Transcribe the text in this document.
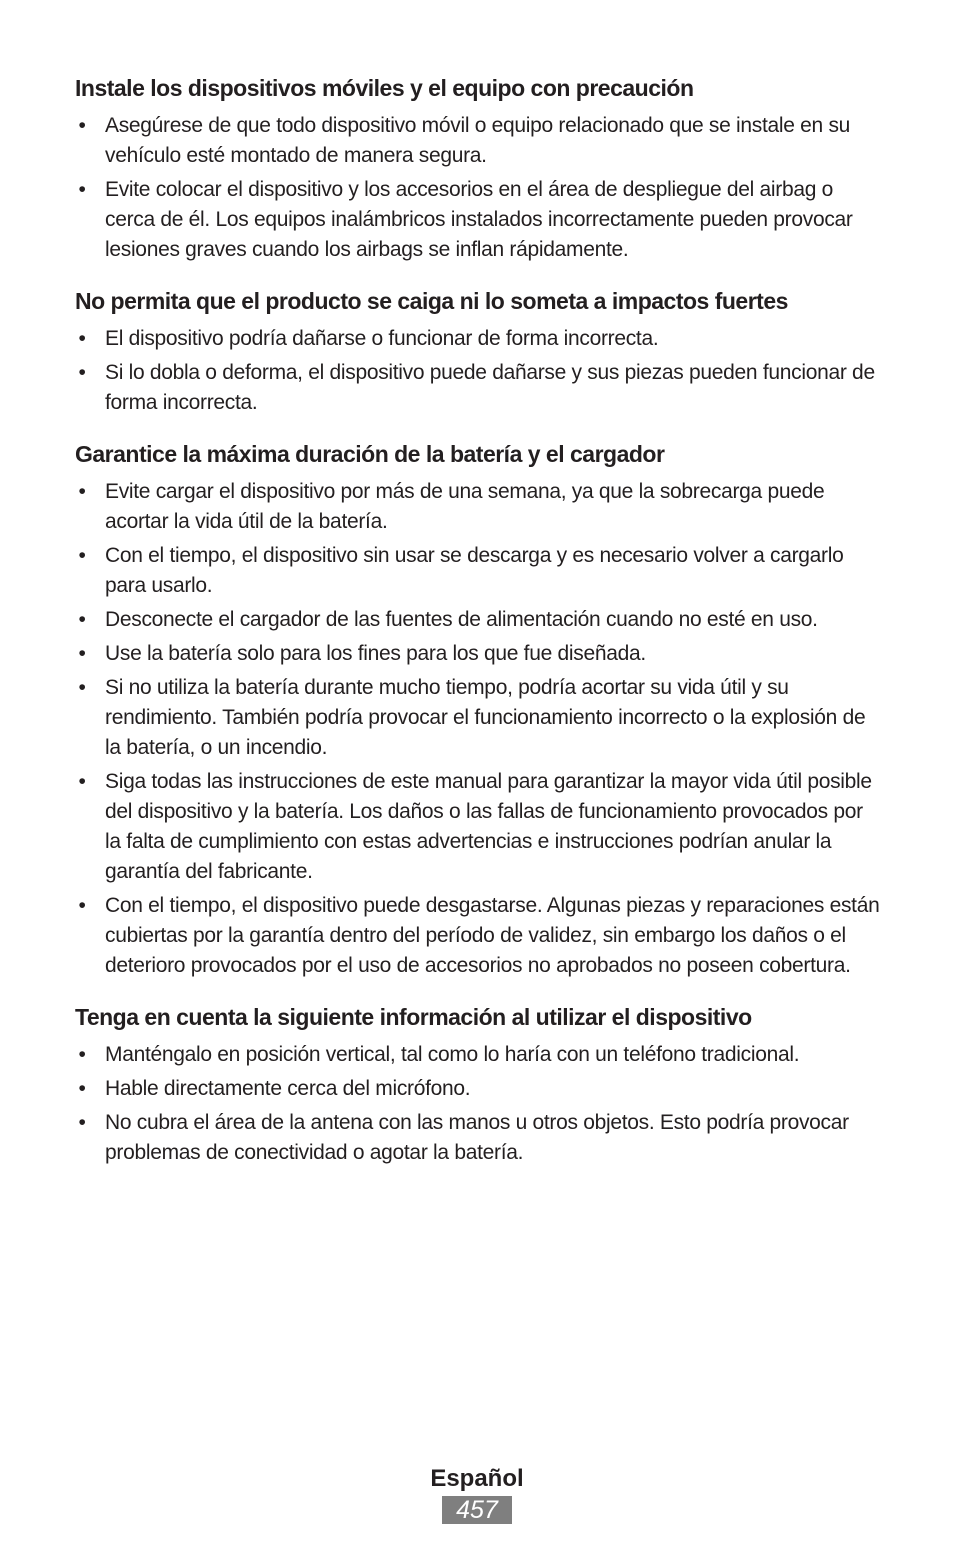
Instale los dispositivos móviles y el equipo con precaución
• Asegúrese de que todo dispositivo móvil o equipo relacionado que se instale en su vehículo esté montado de manera segura.
• Evite colocar el dispositivo y los accesorios en el área de despliegue del airbag o cerca de él. Los equipos inalámbricos instalados incorrectamente pueden provocar lesiones graves cuando los airbags se inflan rápidamente.
No permita que el producto se caiga ni lo someta a impactos fuertes
• El dispositivo podría dañarse o funcionar de forma incorrecta.
• Si lo dobla o deforma, el dispositivo puede dañarse y sus piezas pueden funcionar de forma incorrecta.
Garantice la máxima duración de la batería y el cargador
• Evite cargar el dispositivo por más de una semana, ya que la sobrecarga puede acortar la vida útil de la batería.
• Con el tiempo, el dispositivo sin usar se descarga y es necesario volver a cargarlo para usarlo.
• Desconecte el cargador de las fuentes de alimentación cuando no esté en uso.
• Use la batería solo para los fines para los que fue diseñada.
• Si no utiliza la batería durante mucho tiempo, podría acortar su vida útil y su rendimiento. También podría provocar el funcionamiento incorrecto o la explosión de la batería, o un incendio.
• Siga todas las instrucciones de este manual para garantizar la mayor vida útil posible del dispositivo y la batería. Los daños o las fallas de funcionamiento provocados por la falta de cumplimiento con estas advertencias e instrucciones podrían anular la garantía del fabricante.
• Con el tiempo, el dispositivo puede desgastarse. Algunas piezas y reparaciones están cubiertas por la garantía dentro del período de validez, sin embargo los daños o el deterioro provocados por el uso de accesorios no aprobados no poseen cobertura.
Tenga en cuenta la siguiente información al utilizar el dispositivo
• Manténgalo en posición vertical, tal como lo haría con un teléfono tradicional.
• Hable directamente cerca del micrófono.
• No cubra el área de la antena con las manos u otros objetos. Esto podría provocar problemas de conectividad o agotar la batería.
Español
457
